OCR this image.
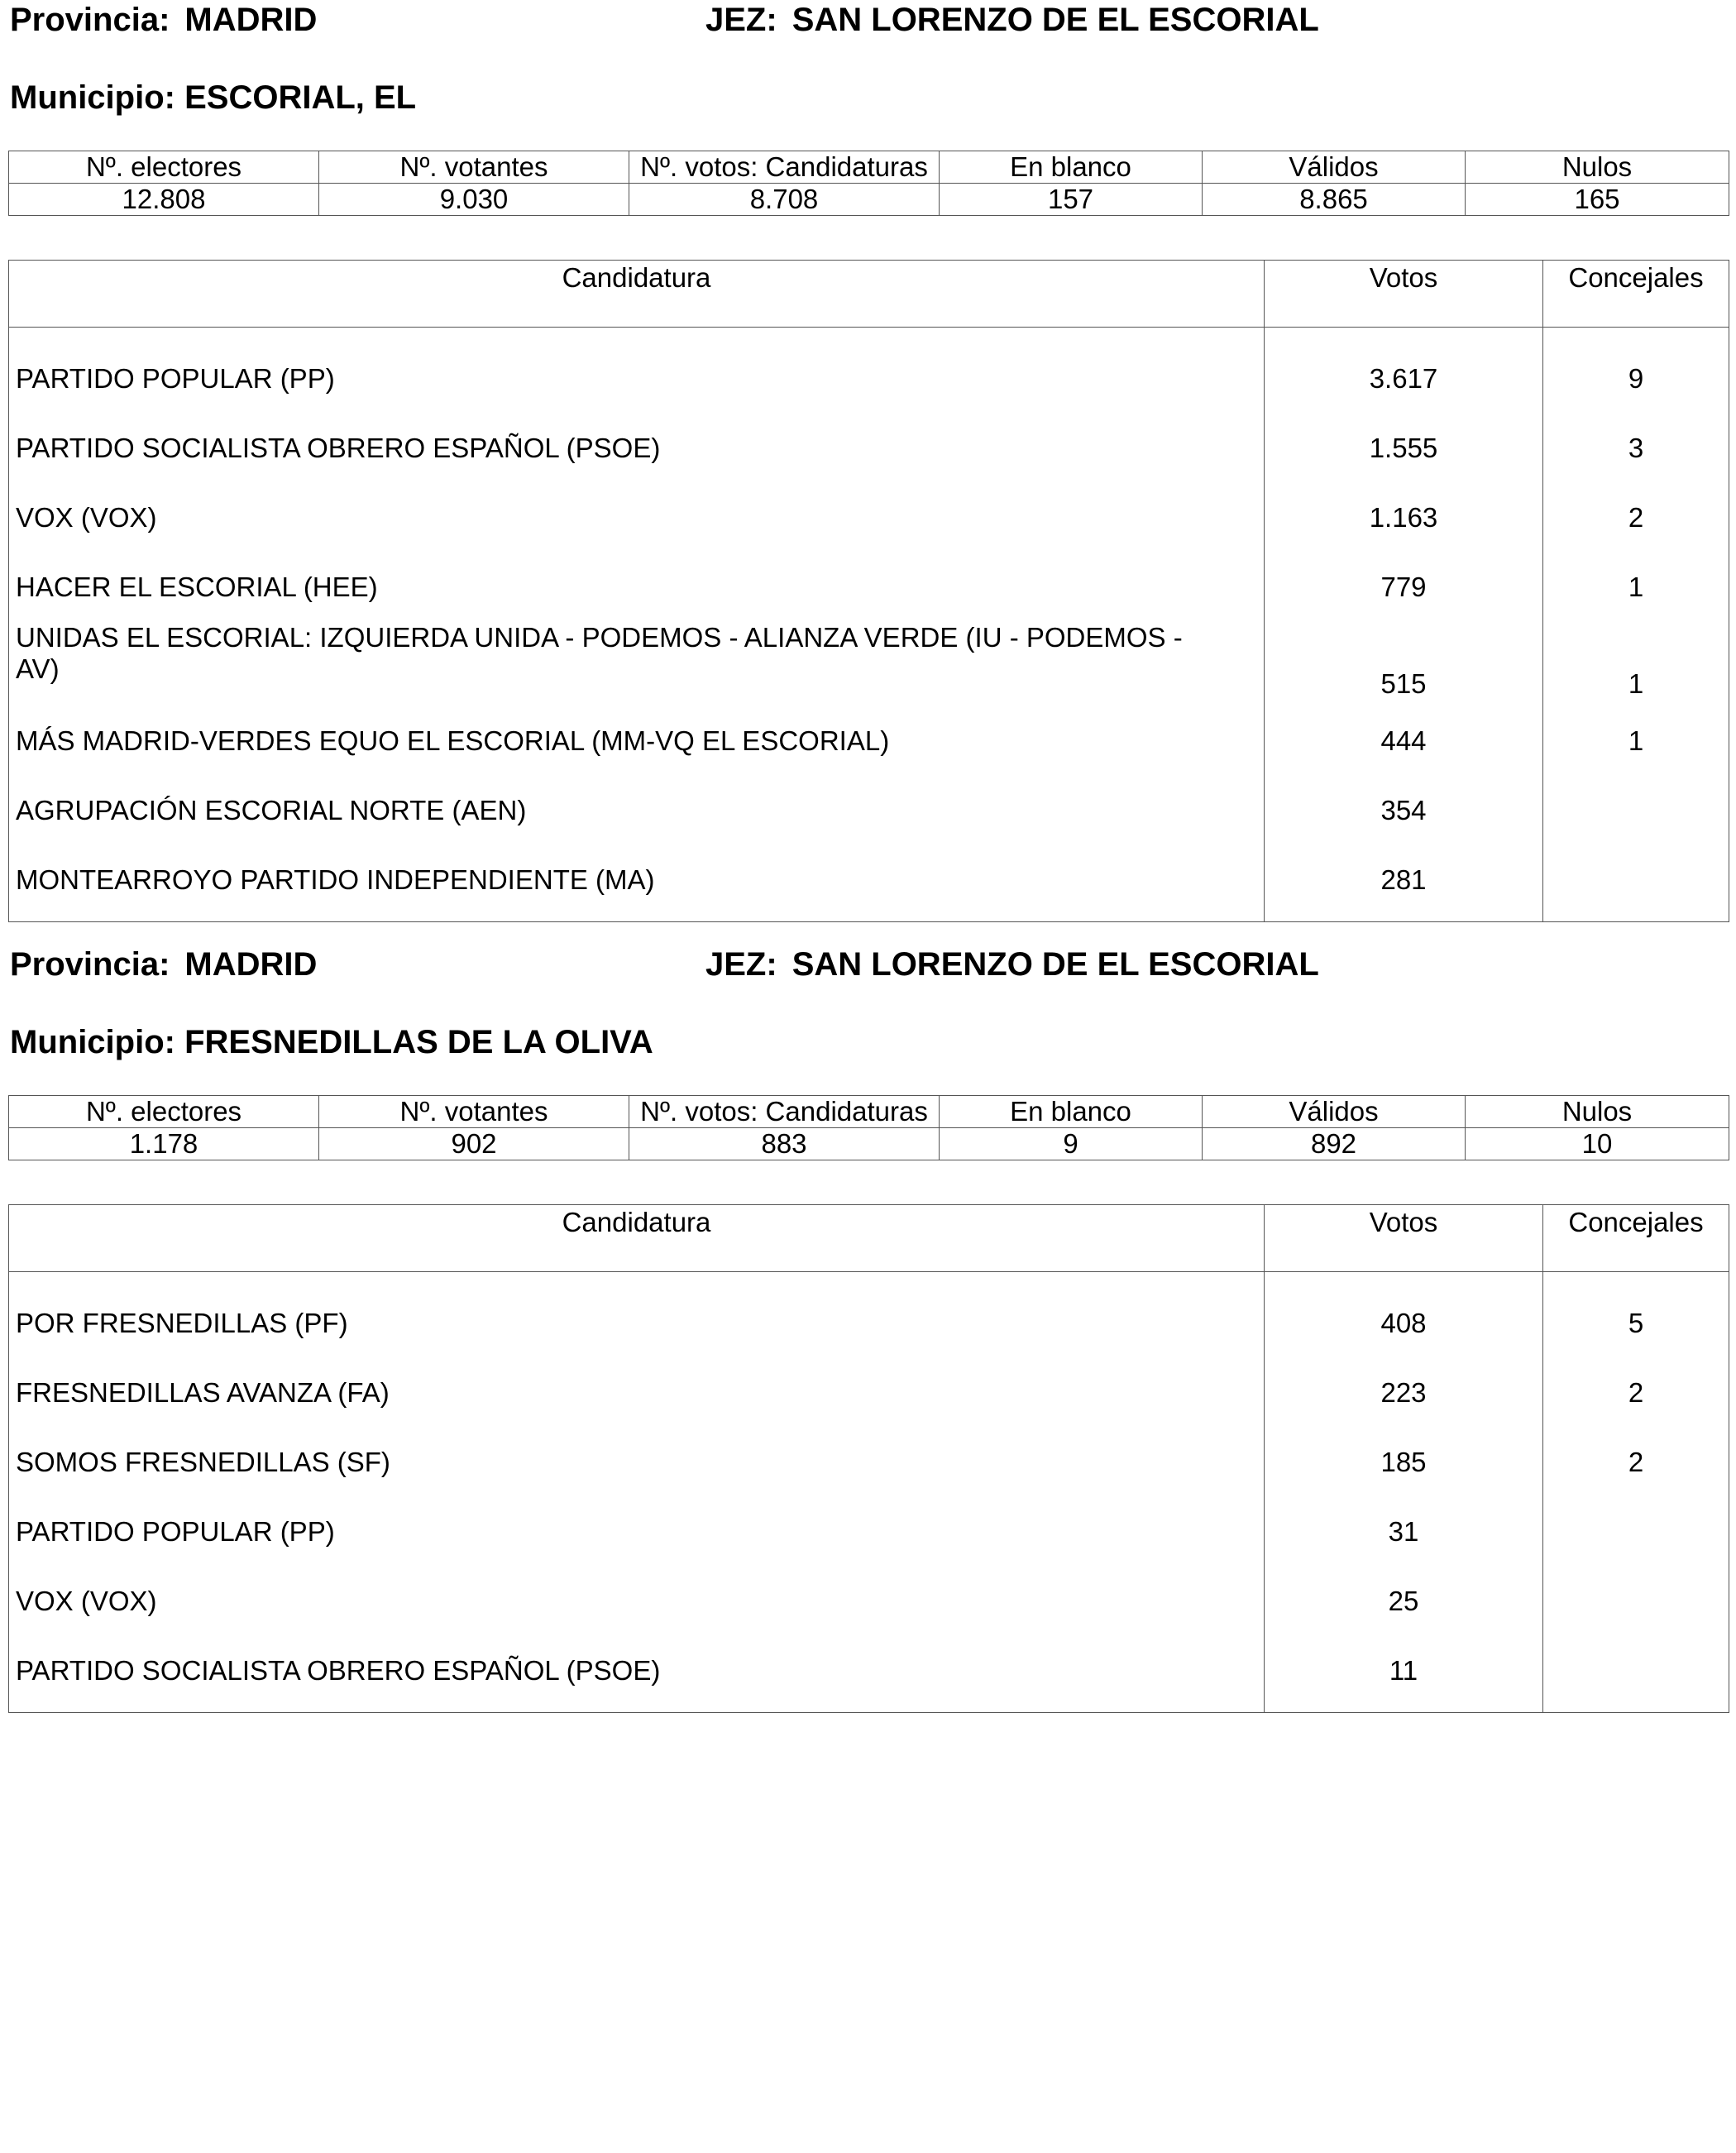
Provincia: MADRID	JEZ: SAN LORENZO DE EL ESCORIAL
Municipio: ESCORIAL, EL
Nº. electores	Nº. votantes	Nº. votos: Candidaturas	En blanco	Válidos	Nulos
12.808	9.030	8.708	157	8.865	165
Candidatura	Votos	Concejales
PARTIDO POPULAR (PP)	3.617	9
PARTIDO SOCIALISTA OBRERO ESPAÑOL (PSOE)	1.555	3
VOX (VOX)	1.163	2
HACER EL ESCORIAL (HEE)	779	1
UNIDAS EL ESCORIAL: IZQUIERDA UNIDA - PODEMOS - ALIANZA VERDE (IU - PODEMOS - AV)	515	1
MÁS MADRID-VERDES EQUO EL ESCORIAL (MM-VQ EL ESCORIAL)	444	1
AGRUPACIÓN ESCORIAL NORTE (AEN)	354	
MONTEARROYO PARTIDO INDEPENDIENTE (MA)	281	
Provincia: MADRID	JEZ: SAN LORENZO DE EL ESCORIAL
Municipio: FRESNEDILLAS DE LA OLIVA
Nº. electores	Nº. votantes	Nº. votos: Candidaturas	En blanco	Válidos	Nulos
1.178	902	883	9	892	10
Candidatura	Votos	Concejales
POR FRESNEDILLAS (PF)	408	5
FRESNEDILLAS AVANZA (FA)	223	2
SOMOS FRESNEDILLAS (SF)	185	2
PARTIDO POPULAR (PP)	31	
VOX (VOX)	25	
PARTIDO SOCIALISTA OBRERO ESPAÑOL (PSOE)	11	
